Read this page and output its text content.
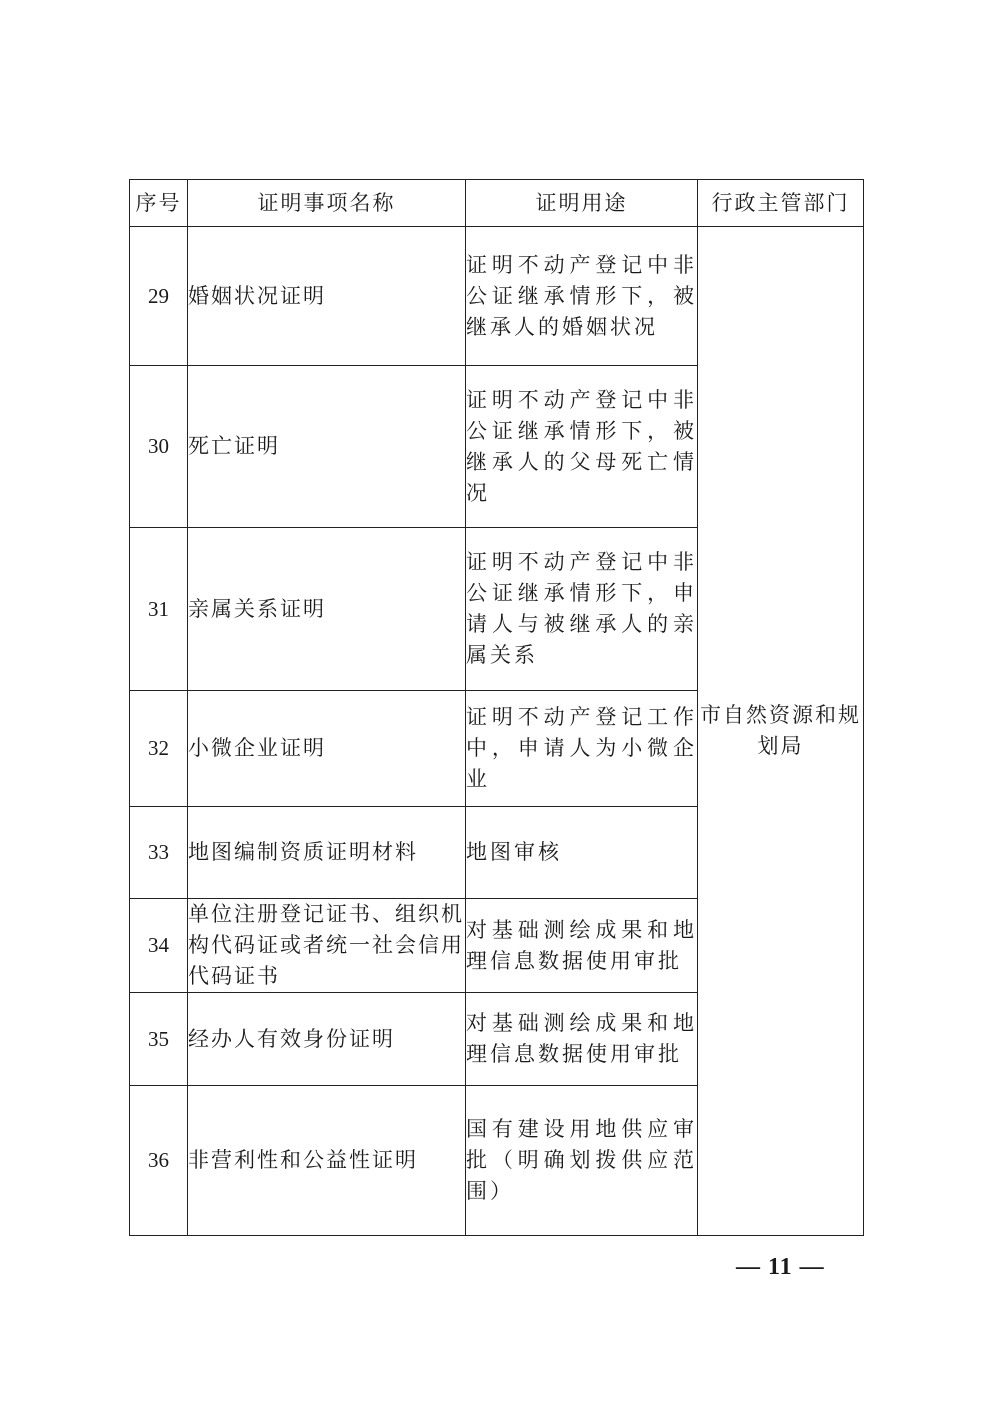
序号	证明事项名称	证明用途	行政主管部门
29	婚姻状况证明	证明不动产登记中非公证继承情形下，被继承人的婚姻状况	市自然资源和规划局
30	死亡证明	证明不动产登记中非公证继承情形下，被继承人的父母死亡情况	
31	亲属关系证明	证明不动产登记中非公证继承情形下，申请人与被继承人的亲属关系	
32	小微企业证明	证明不动产登记工作中，申请人为小微企业	
33	地图编制资质证明材料	地图审核	
34	单位注册登记证书、组织机构代码证或者统一社会信用代码证书	对基础测绘成果和地理信息数据使用审批	
35	经办人有效身份证明	对基础测绘成果和地理信息数据使用审批	
36	非营利性和公益性证明	国有建设用地供应审批（明确划拨供应范围）	
— 11 —
